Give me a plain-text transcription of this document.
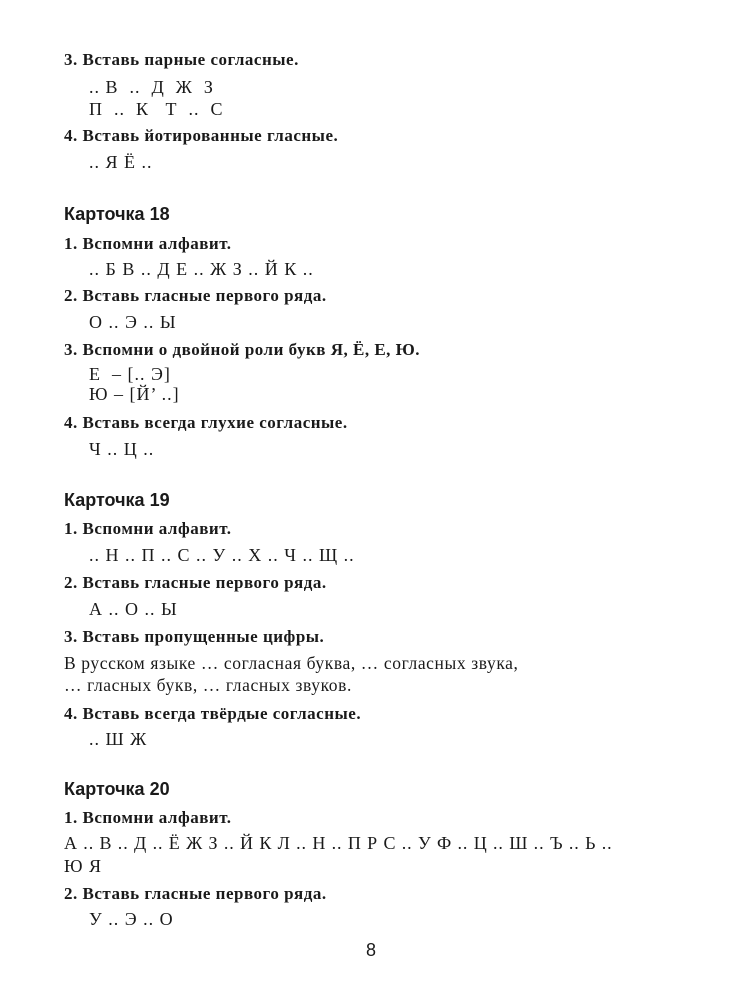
3. Вставь парные согласные.
.. В  ..  Д  Ж  З
П  ..  К   Т  ..  С
4. Вставь йотированные гласные.
.. Я Ё ..
Карточка 18
1. Вспомни алфавит.
.. Б В .. Д Е .. Ж З .. Й К ..
2. Вставь гласные первого ряда.
О .. Э .. Ы
3. Вспомни о двойной роли букв Я, Ё, Е, Ю.
Е  – [.. Э]
Ю – [Й’ ..]
4. Вставь всегда глухие согласные.
Ч .. Ц ..
Карточка 19
1. Вспомни алфавит.
.. Н .. П .. С .. У .. Х .. Ч .. Щ ..
2. Вставь гласные первого ряда.
А .. О .. Ы
3. Вставь пропущенные цифры.
В русском языке … согласная буква, … согласных звука,
… гласных букв, … гласных звуков.
4. Вставь всегда твёрдые согласные.
.. Ш Ж
Карточка 20
1. Вспомни алфавит.
А .. В .. Д .. Ё Ж З .. Й К Л .. Н .. П Р С .. У Ф .. Ц .. Ш .. Ъ .. Ь ..
Ю Я
2. Вставь гласные первого ряда.
У .. Э .. О
8
